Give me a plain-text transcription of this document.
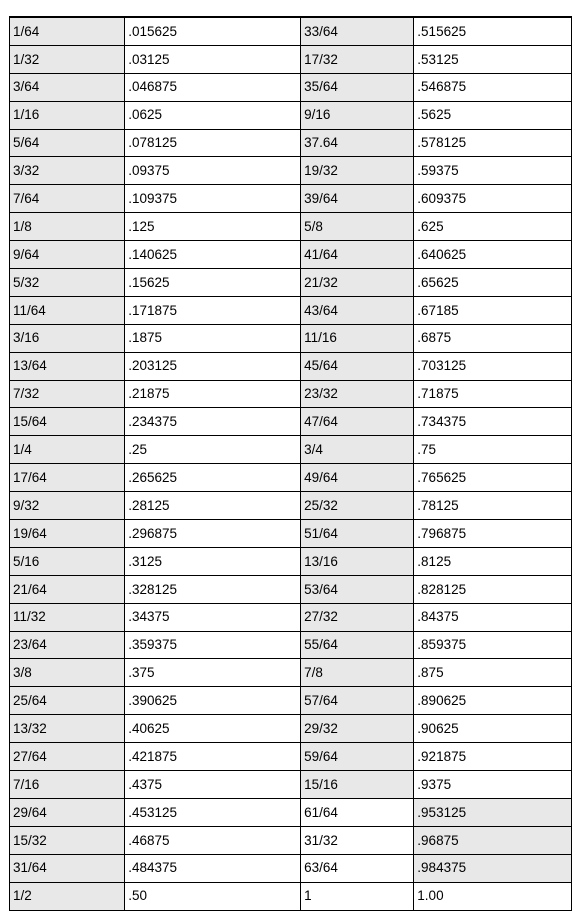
1/64	.015625	33/64	.515625
1/32	.03125	17/32	.53125
3/64	.046875	35/64	.546875
1/16	.0625	9/16	.5625
5/64	.078125	37.64	.578125
3/32	.09375	19/32	.59375
7/64	.109375	39/64	.609375
1/8	.125	5/8	.625
9/64	.140625	41/64	.640625
5/32	.15625	21/32	.65625
11/64	.171875	43/64	.67185
3/16	.1875	11/16	.6875
13/64	.203125	45/64	.703125
7/32	.21875	23/32	.71875
15/64	.234375	47/64	.734375
1/4	.25	3/4	.75
17/64	.265625	49/64	.765625
9/32	.28125	25/32	.78125
19/64	.296875	51/64	.796875
5/16	.3125	13/16	.8125
21/64	.328125	53/64	.828125
11/32	.34375	27/32	.84375
23/64	.359375	55/64	.859375
3/8	.375	7/8	.875
25/64	.390625	57/64	.890625
13/32	.40625	29/32	.90625
27/64	.421875	59/64	.921875
7/16	.4375	15/16	.9375
29/64	.453125	61/64	.953125
15/32	.46875	31/32	.96875
31/64	.484375	63/64	.984375
1/2	.50	1	1.00
